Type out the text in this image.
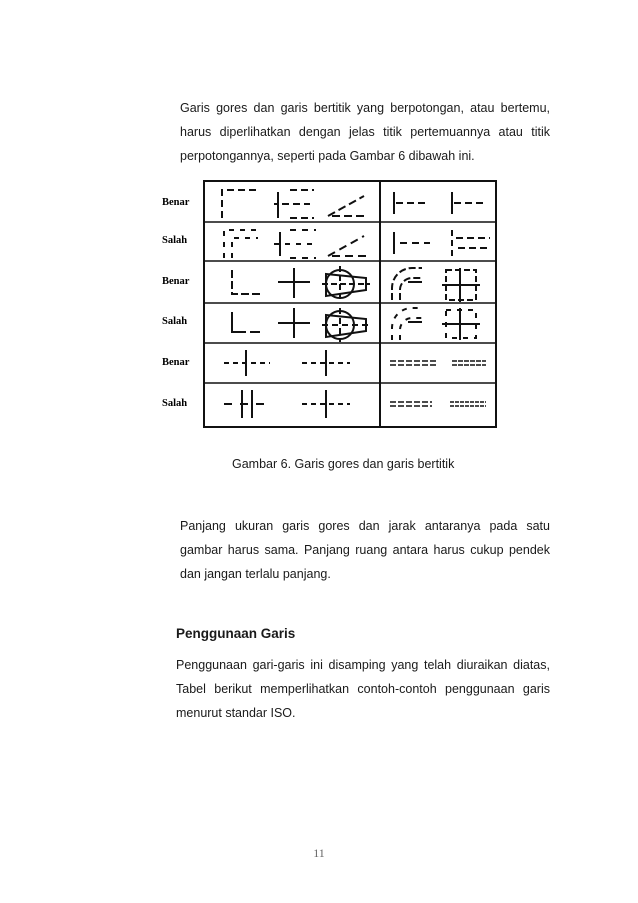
Garis gores dan garis bertitik yang berpotongan, atau bertemu, harus diperlihatkan dengan jelas titik pertemuannya atau titik perpotongannya, seperti pada Gambar 6 dibawah ini.

Benar
Salah
Benar
Salah
Benar
Salah
Gambar 6. Garis gores dan garis bertitik

Panjang ukuran garis gores dan jarak antaranya pada satu gambar harus sama. Panjang ruang antara harus cukup pendek dan jangan terlalu panjang.

Penggunaan Garis

Penggunaan gari-garis ini disamping yang telah diuraikan diatas, Tabel berikut memperlihatkan contoh-contoh penggunaan garis menurut standar ISO.

11
